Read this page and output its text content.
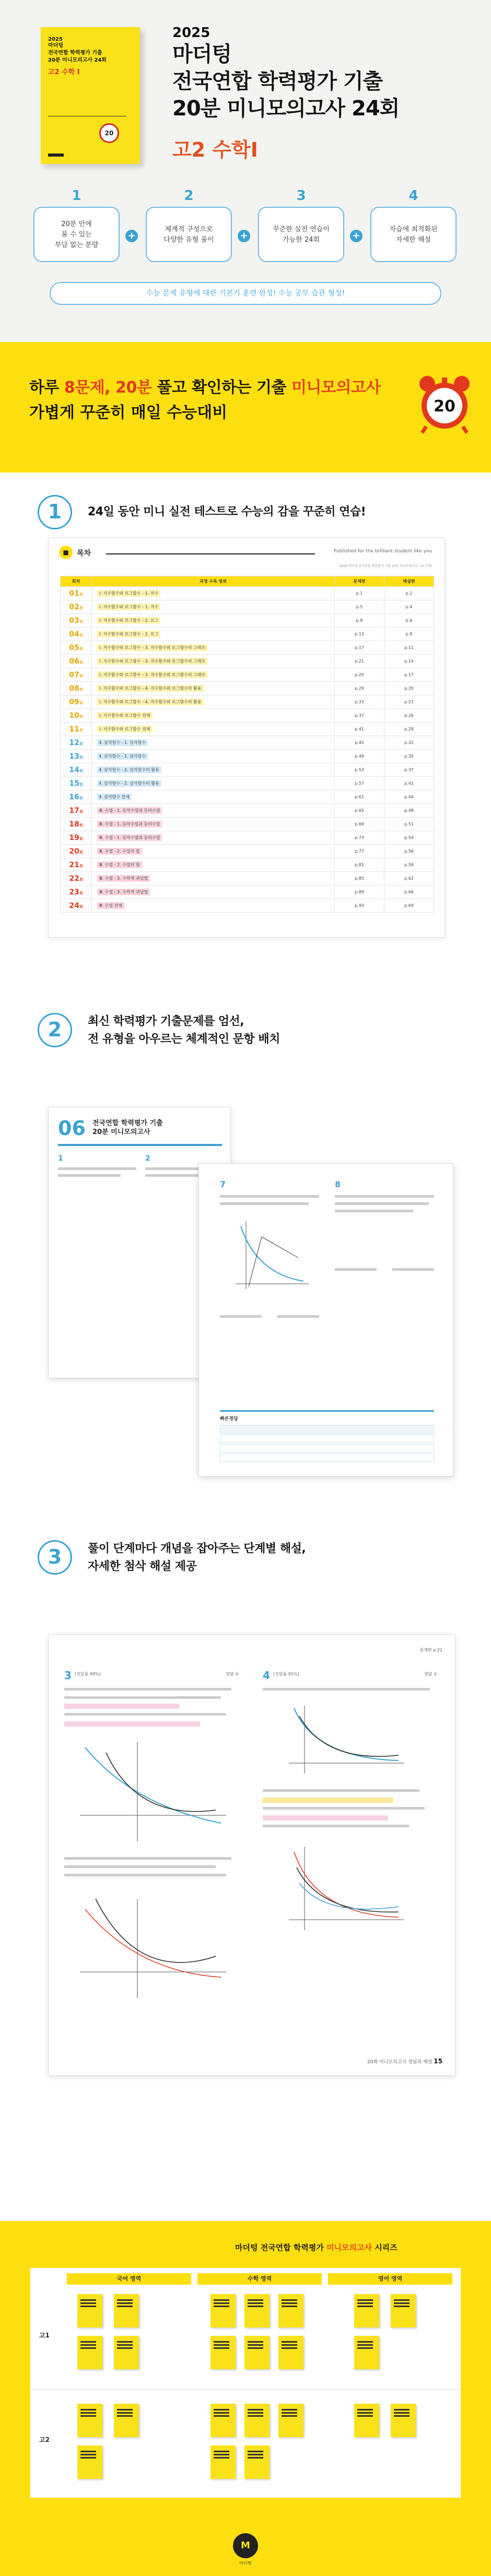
2025
마더텅
전국연합 학력평가 기출
20분 미니모의고사 24회
고2 수학 Ⅰ
20
2025
마더텅
전국연합 학력평가 기출
20분 미니모의고사 24회
고2 수학Ⅰ
1
20분 안에
풀 수 있는
부담 없는 분량
+
2
체계적 구성으로
다양한 유형 풀이	+
3
꾸준한 실전 연습이
가능한 24회	+
4
자습에 최적화된
자세한 해설
수능 문제 유형에 대한 기본기 훈련 완성! 수능 공부 습관 형성!
하루 8문제, 20분 풀고 확인하는 기출 미니모의고사
가볍게 꾸준히 매일 수능대비	20
1	24일 동안 미니 실전 테스트로 수능의 감을 꾸준히 연습!
■	목차	Published for the brilliant student like you
2025 마더텅 전국연합 학력평가 기출 20분 미니모의고사 고2 수학Ⅰ
회차	과정 수록 범위	문제편	해설편
01회	Ⅰ. 지수함수와 로그함수 - 1. 지수	p.1	p.2
02회	Ⅰ. 지수함수와 로그함수 - 1. 지수	p.5	p.4
03회	Ⅰ. 지수함수와 로그함수 - 2. 로그	p.9	p.6
04회	Ⅰ. 지수함수와 로그함수 - 2. 로그	p.13	p.8
05회	Ⅰ. 지수함수와 로그함수 - 3. 지수함수와 로그함수의 그래프	p.17	p.11
06회	Ⅰ. 지수함수와 로그함수 - 3. 지수함수와 로그함수의 그래프	p.21	p.14
07회	Ⅰ. 지수함수와 로그함수 - 3. 지수함수와 로그함수의 그래프	p.25	p.17
08회	Ⅰ. 지수함수와 로그함수 - 4. 지수함수와 로그함수의 활용	p.29	p.20
09회	Ⅰ. 지수함수와 로그함수 - 4. 지수함수와 로그함수의 활용	p.33	p.23
10회	Ⅰ. 지수함수와 로그함수 전체	p.37	p.26
11회	Ⅰ. 지수함수와 로그함수 전체	p.41	p.29
12회	Ⅱ. 삼각함수 - 1. 삼각함수	p.45	p.32
13회	Ⅱ. 삼각함수 - 1. 삼각함수	p.49	p.35
14회	Ⅱ. 삼각함수 - 2. 삼각함수의 활용	p.53	p.37
15회	Ⅱ. 삼각함수 - 2. 삼각함수의 활용	p.57	p.41
16회	Ⅱ. 삼각함수 전체	p.61	p.44
17회	Ⅲ. 수열 - 1. 등차수열과 등비수열	p.65	p.48
18회	Ⅲ. 수열 - 1. 등차수열과 등비수열	p.69	p.51
19회	Ⅲ. 수열 - 1. 등차수열과 등비수열	p.73	p.54
20회	Ⅲ. 수열 - 2. 수열의 합	p.77	p.56
21회	Ⅲ. 수열 - 2. 수열의 합	p.81	p.59
22회	Ⅲ. 수열 - 3. 수학적 귀납법	p.85	p.62
23회	Ⅲ. 수열 - 3. 수학적 귀납법	p.89	p.66
24회	Ⅲ. 수열 전체	p.93	p.69
2	최신 학력평가 기출문제를 엄선,
전 유형을 아우르는 체계적인 문항 배치
06 전국연합 학력평가 기출
20분 미니모의고사
1	2
7	8
빠른정답
3	풀이 단계마다 개념을 잡아주는 단계별 해설,
자세한 첨삭 해설 제공
문제편 p.22
3 [정답률 89%]	정답 ② 4 [정답률 85%]	정답 ①
20회 미니모의고사 정답과 해설 15
마더텅 전국연합 학력평가 미니모의고사 시리즈
국어 영역	수학 영역	영어 영역
고1
고2
M
마더텅
